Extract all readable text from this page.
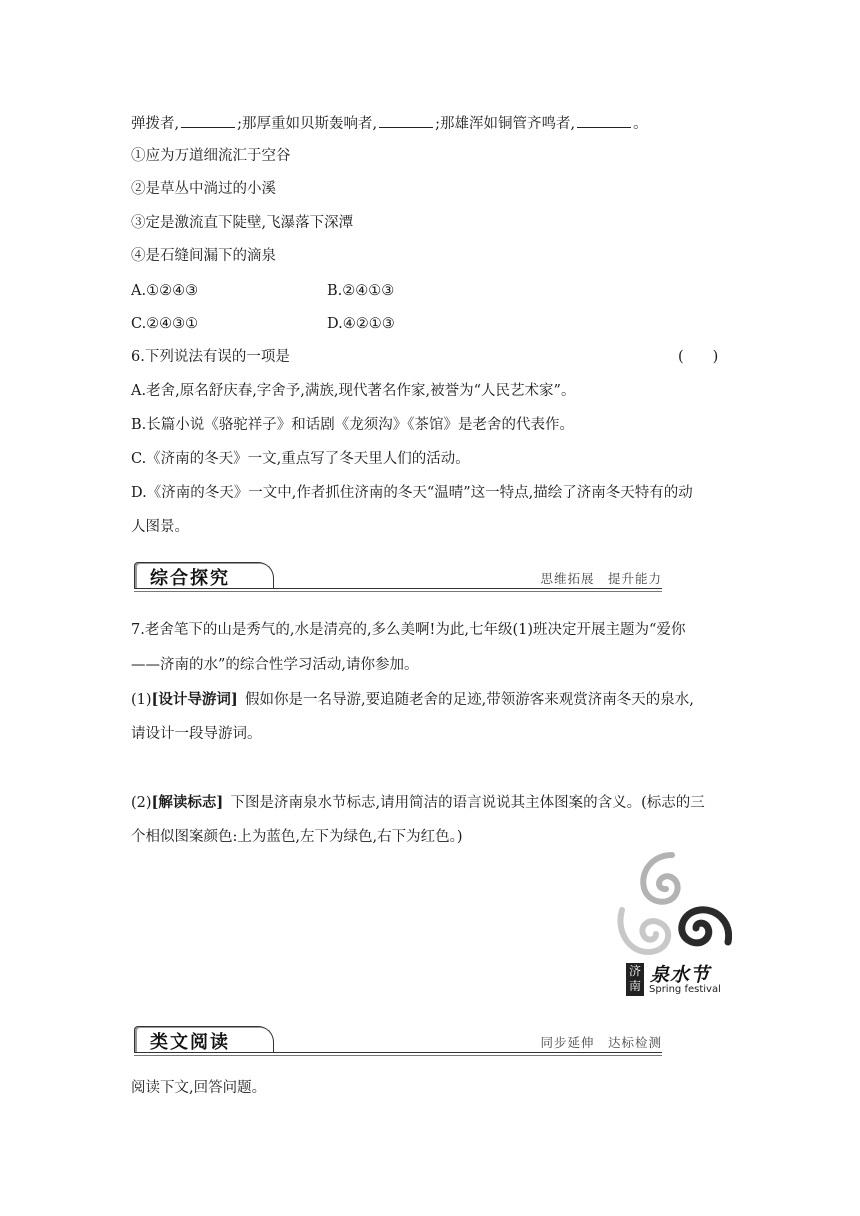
弹拨者,	;那厚重如贝斯轰响者,	;那雄浑如铜管齐鸣者,	。
①应为万道细流汇于空谷
②是草丛中淌过的小溪
③定是激流直下陡壁,飞瀑落下深潭
④是石缝间漏下的滴泉
A.①②④③	B.②④①③
C.②④③①	D.④②①③
6.下列说法有误的一项是	(　　)
A.老舍,原名舒庆春,字舍予,满族,现代著名作家,被誉为“人民艺术家”。
B.长篇小说《骆驼祥子》和话剧《龙须沟》《茶馆》是老舍的代表作。
C.《济南的冬天》一文,重点写了冬天里人们的活动。
D.《济南的冬天》一文中,作者抓住济南的冬天“温晴”这一特点,描绘了济南冬天特有的动
人图景。
综合探究	思维拓展　提升能力
7.老舍笔下的山是秀气的,水是清亮的,多么美啊!为此,七年级(1)班决定开展主题为“爱你
——济南的水”的综合性学习活动,请你参加。
(1)[设计导游词]  假如你是一名导游,要追随老舍的足迹,带领游客来观赏济南冬天的泉水,
请设计一段导游词。
(2)[解读标志]  下图是济南泉水节标志,请用简洁的语言说说其主体图案的含义。(标志的三
个相似图案颜色:上为蓝色,左下为绿色,右下为红色。)
济南 泉水节
Spring festival
类文阅读	同步延伸　达标检测
阅读下文,回答问题。
